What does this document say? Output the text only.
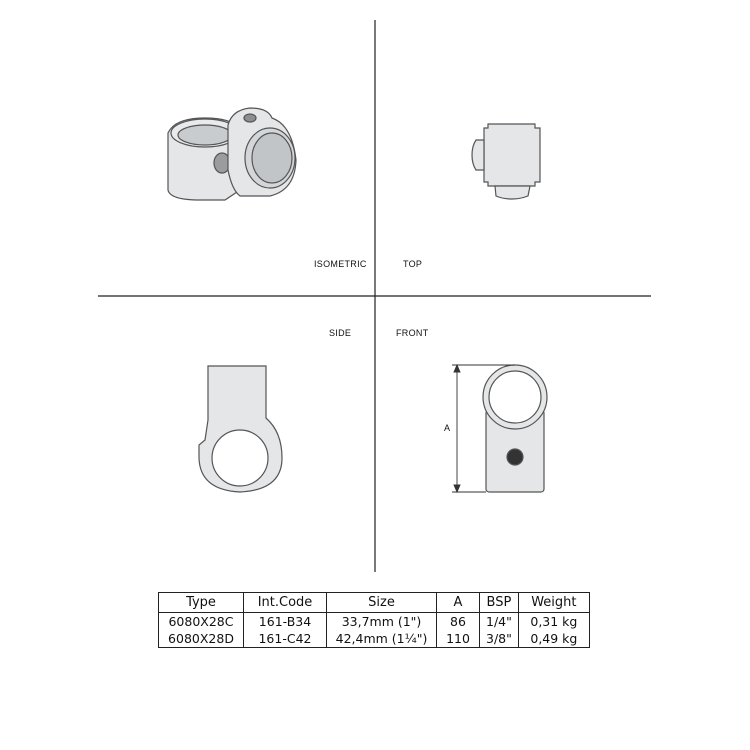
ISOMETRIC	TOP
SIDE	FRONT
A
Type	Int.Code	Size	A	BSP	Weight
6080X28C	161-B34	33,7mm (1")	86	1/4"	0,31 kg
6080X28D	161-C42	42,4mm (1¼")	110	3/8"	0,49 kg
